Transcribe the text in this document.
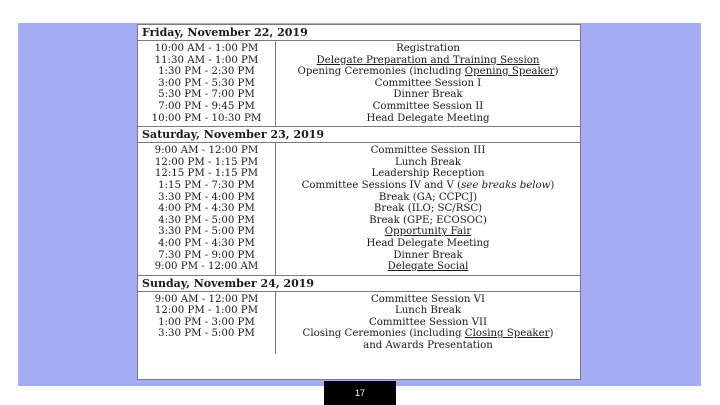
Friday, November 22, 2019
10:00 AM - 1:00 PM
11:30 AM - 1:00 PM
1:30 PM - 2:30 PM
3:00 PM - 5:30 PM
5:30 PM - 7:00 PM
7:00 PM - 9:45 PM
10:00 PM - 10:30 PM
Registration
Delegate Preparation and Training Session
Opening Ceremonies (including Opening Speaker)
Committee Session I
Dinner Break
Committee Session II
Head Delegate Meeting
Saturday, November 23, 2019
9:00 AM - 12:00 PM
12:00 PM - 1:15 PM
12:15 PM - 1:15 PM
1:15 PM - 7:30 PM
3:30 PM - 4:00 PM
4:00 PM - 4:30 PM
4:30 PM - 5:00 PM
3:30 PM - 5:00 PM
4:00 PM - 4:30 PM
7:30 PM - 9:00 PM
9:00 PM - 12:00 AM
Committee Session III
Lunch Break
Leadership Reception
Committee Sessions IV and V (see breaks below)
Break (GA; CCPCJ)
Break (ILO; SC/RSC)
Break (GPE; ECOSOC)
Opportunity Fair
Head Delegate Meeting
Dinner Break
Delegate Social
Sunday, November 24, 2019
9:00 AM - 12:00 PM
12:00 PM - 1:00 PM
1:00 PM - 3:00 PM
3:30 PM - 5:00 PM
Committee Session VI
Lunch Break
Committee Session VII
Closing Ceremonies (including Closing Speaker)
and Awards Presentation
17
